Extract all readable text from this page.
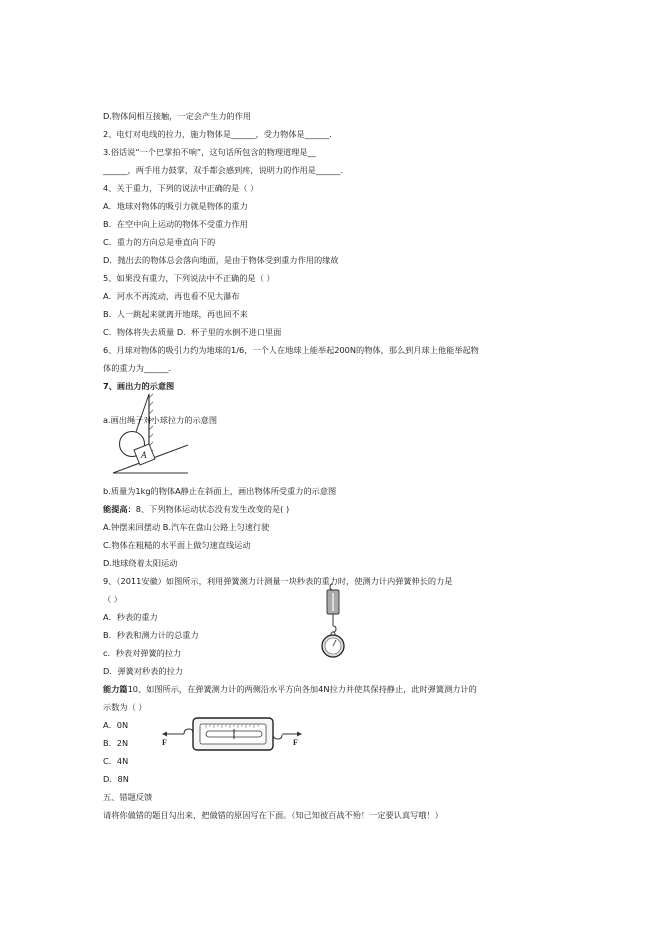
D.物体间相互接触，一定会产生力的作用
2、电灯对电线的拉力，施力物体是______，受力物体是______.
3.俗话说“一个巴掌拍不响”，这句话所包含的物理道理是__
______，两手用力鼓掌，双手都会感到疼，说明力的作用是______.
4、关于重力，下列的说法中正确的是（ ）
A．地球对物体的吸引力就是物体的重力
B．在空中向上运动的物体不受重力作用
C．重力的方向总是垂直向下的
D．抛出去的物体总会落向地面，是由于物体受到重力作用的缘故
5、如果没有重力，下列说法中不正确的是（ ）
A．河水不再流动，再也看不见大瀑布
B．人一跳起来就离开地球，再也回不来
C．物体将失去质量 D．杯子里的水倒不进口里面
6、月球对物体的吸引力约为地球的1/6，一个人在地球上能举起200N的物体，那么到月球上他能举起物
体的重力为______.
7、画出力的示意图
a.画出绳子对小球拉力的示意图
A
b.质量为1kg的物体A静止在斜面上，画出物体所受重力的示意图
能提高：8、下列物体运动状态没有发生改变的是( )
A.钟摆来回摆动 B.汽车在盘山公路上匀速行驶
C.物体在粗糙的水平面上做匀速直线运动
D.地球绕着太阳运动
9、（2011安徽）如图所示，利用弹簧测力计测量一块秒表的重力时，使测力计内弹簧伸长的力是
（ ）
A．秒表的重力
B．秒表和测力计的总重力
c．秒表对弹簧的拉力
D．弹簧对秒表的拉力
能力篇10、如图所示，在弹簧测力计的两侧沿水平方向各加4N拉力并使其保持静止，此时弹簧测力计的
示数为（ ）
A．0N
B．2N
C．4N
D．8N
F	F
五、错题反馈
请将你做错的题目勾出来，把做错的原因写在下面。（知己知彼百战不殆！一定要认真写哦！）
